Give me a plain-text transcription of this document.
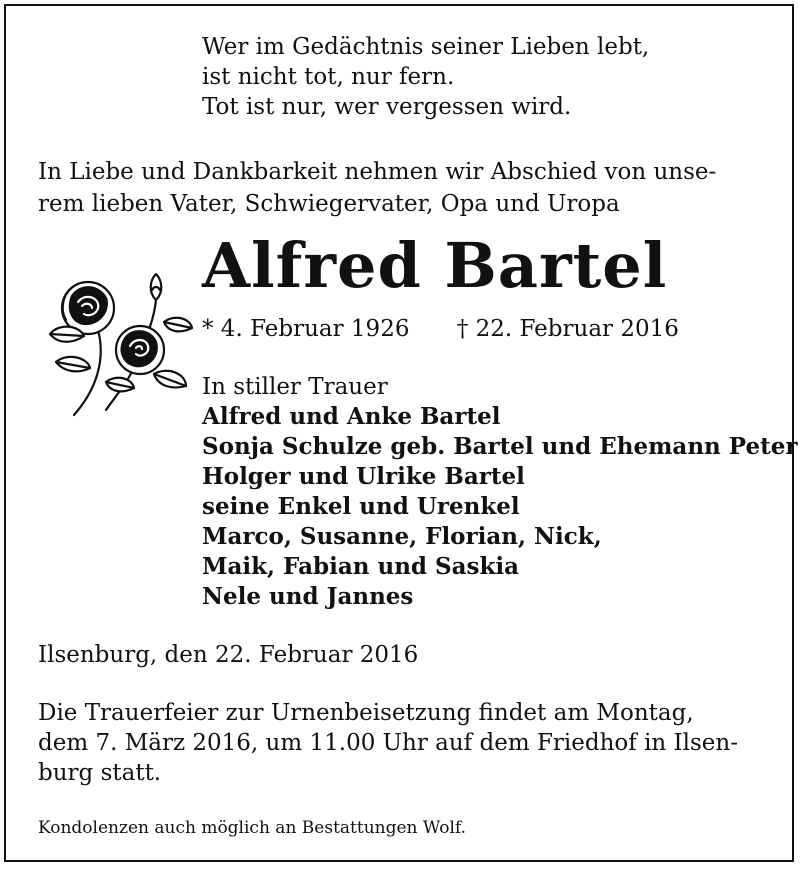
Wer im Gedächtnis seiner Lieben lebt,
ist nicht tot, nur fern.
Tot ist nur, wer vergessen wird.
In Liebe und Dankbarkeit nehmen wir Abschied von unse-
rem lieben Vater, Schwiegervater, Opa und Uropa
Alfred Bartel
* 4. Februar 1926 † 22. Februar 2016
In stiller Trauer
Alfred und Anke Bartel
Sonja Schulze geb. Bartel und Ehemann Peter
Holger und Ulrike Bartel
seine Enkel und Urenkel
Marco, Susanne, Florian, Nick,
Maik, Fabian und Saskia
Nele und Jannes
Ilsenburg, den 22. Februar 2016
Die Trauerfeier zur Urnenbeisetzung findet am Montag,
dem 7. März 2016, um 11.00 Uhr auf dem Friedhof in Ilsen-
burg statt.
Kondolenzen auch möglich an Bestattungen Wolf.
